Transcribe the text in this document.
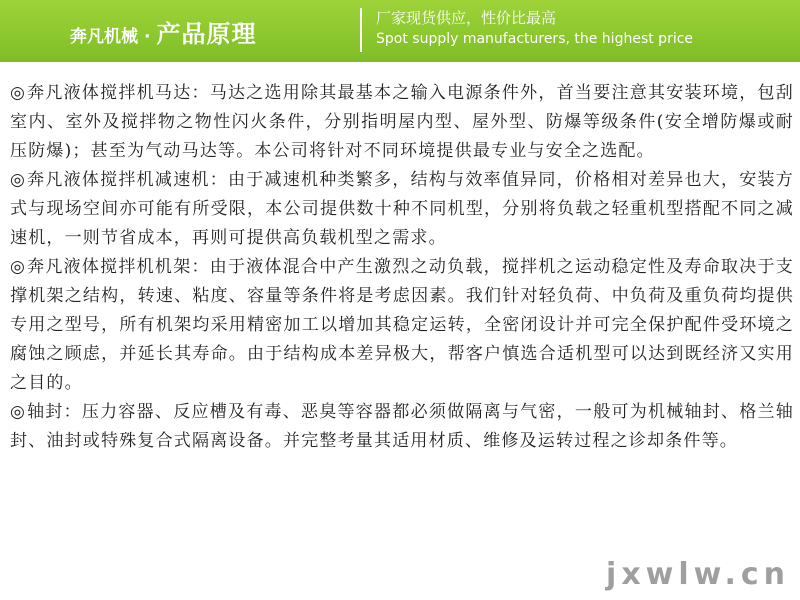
奔凡机械 · 产品原理
厂家现货供应，性价比最高
Spot supply manufacturers, the highest price

◎奔凡液体搅拌机马达：马达之选用除其最基本之输入电源条件外，首当要注意其安装环境，包刮室内、室外及搅拌物之物性闪火条件，分别指明屋内型、屋外型、防爆等级条件(安全增防爆或耐压防爆)；甚至为气动马达等。本公司将针对不同环境提供最专业与安全之选配。

◎奔凡液体搅拌机减速机：由于减速机种类繁多，结构与效率值异同，价格相对差异也大，安装方式与现场空间亦可能有所受限，本公司提供数十种不同机型，分别将负载之轻重机型搭配不同之减速机，一则节省成本，再则可提供高负载机型之需求。

◎奔凡液体搅拌机机架：由于液体混合中产生激烈之动负载，搅拌机之运动稳定性及寿命取决于支撑机架之结构，转速、粘度、容量等条件将是考虑因素。我们针对轻负荷、中负荷及重负荷均提供专用之型号，所有机架均采用精密加工以增加其稳定运转，全密闭设计并可完全保护配件受环境之腐蚀之顾虑，并延长其寿命。由于结构成本差异极大，帮客户慎选合适机型可以达到既经济又实用之目的。

◎轴封：压力容器、反应槽及有毒、恶臭等容器都必须做隔离与气密，一般可为机械轴封、格兰轴封、油封或特殊复合式隔离设备。并完整考量其适用材质、维修及运转过程之诊却条件等。

jxwlw.cn
